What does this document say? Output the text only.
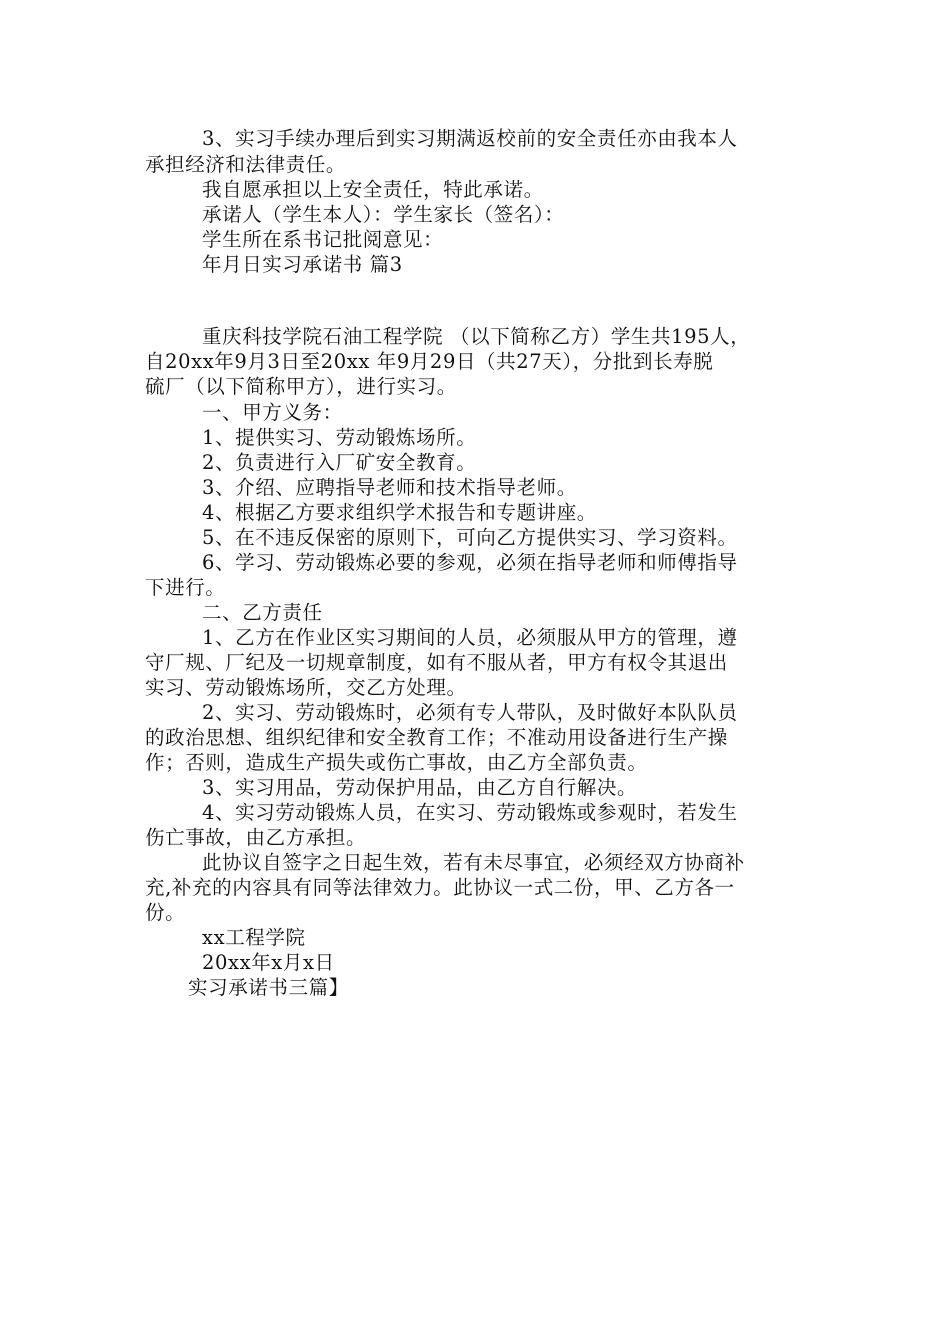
3、实习手续办理后到实习期满返校前的安全责任亦由我本人
承担经济和法律责任。
我自愿承担以上安全责任，特此承诺。
承诺人（学生本人）：学生家长（签名）：
学生所在系书记批阅意见：
年月日实习承诺书 篇3
重庆科技学院石油工程学院 （以下简称乙方）学生共195人，
自20xx年9月3日至20xx 年9月29日（共27天），分批到长寿脱
硫厂（以下简称甲方），进行实习。
一、甲方义务：
1、提供实习、劳动锻炼场所。
2、负责进行入厂矿安全教育。
3、介绍、应聘指导老师和技术指导老师。
4、根据乙方要求组织学术报告和专题讲座。
5、在不违反保密的原则下，可向乙方提供实习、学习资料。
6、学习、劳动锻炼必要的参观，必须在指导老师和师傅指导
下进行。
二、乙方责任
1、乙方在作业区实习期间的人员，必须服从甲方的管理，遵
守厂规、厂纪及一切规章制度，如有不服从者，甲方有权令其退出
实习、劳动锻炼场所，交乙方处理。
2、实习、劳动锻炼时，必须有专人带队，及时做好本队队员
的政治思想、组织纪律和安全教育工作；不准动用设备进行生产操
作；否则，造成生产损失或伤亡事故，由乙方全部负责。
3、实习用品，劳动保护用品，由乙方自行解决。
4、实习劳动锻炼人员，在实习、劳动锻炼或参观时，若发生
伤亡事故，由乙方承担。
此协议自签字之日起生效，若有未尽事宜，必须经双方协商补
充,补充的内容具有同等法律效力。此协议一式二份，甲、乙方各一
份。
xx工程学院
20xx年x月x日
实习承诺书三篇】
